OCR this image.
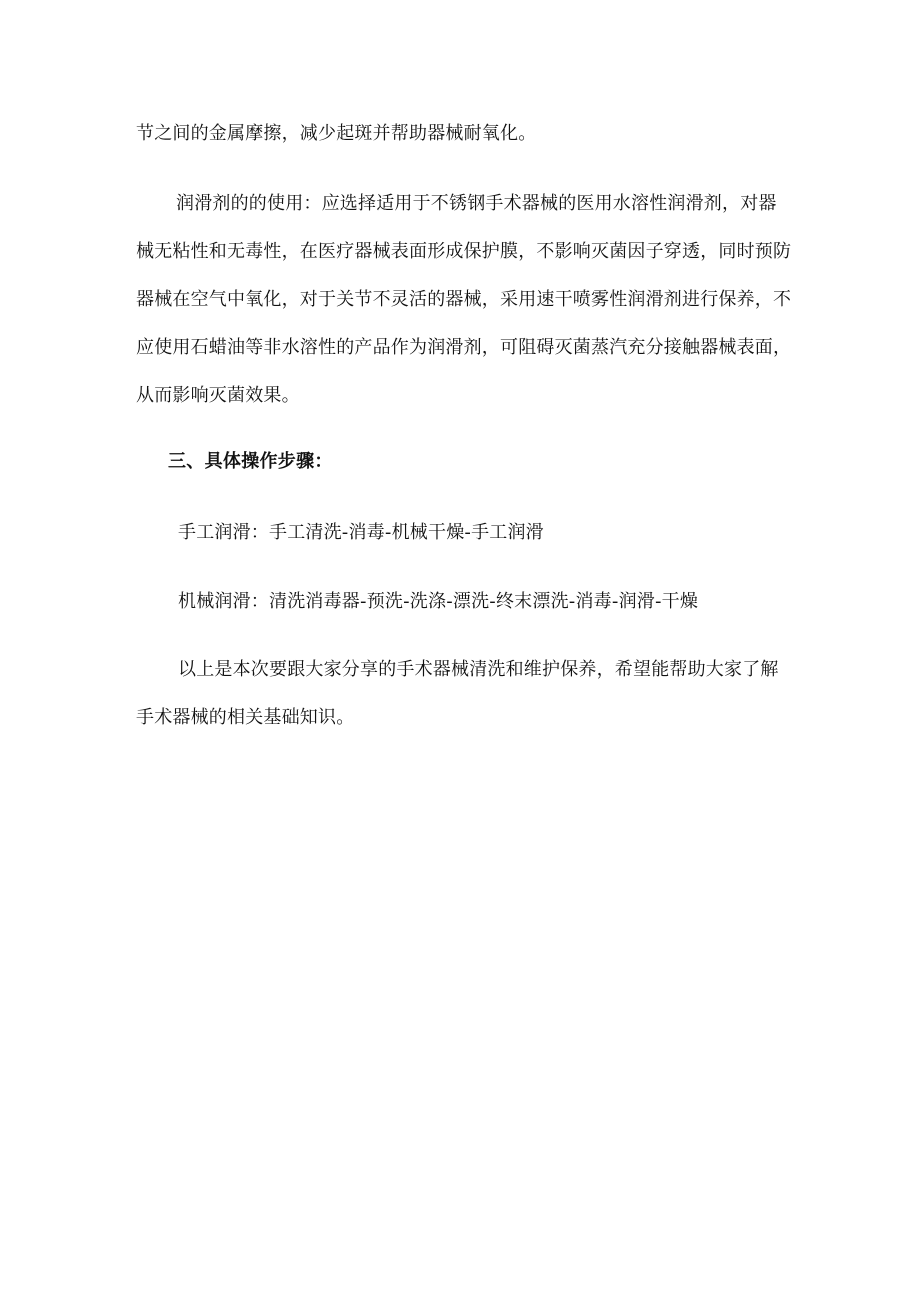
节之间的金属摩擦，减少起斑并帮助器械耐氧化。
润滑剂的的使用：应选择适用于不锈钢手术器械的医用水溶性润滑剂，对器械无粘性和无毒性，在医疗器械表面形成保护膜，不影响灭菌因子穿透，同时预防器械在空气中氧化，对于关节不灵活的器械，采用速干喷雾性润滑剂进行保养，不应使用石蜡油等非水溶性的产品作为润滑剂，可阻碍灭菌蒸汽充分接触器械表面，从而影响灭菌效果。
三、具体操作步骤：
手工润滑：手工清洗-消毒-机械干燥-手工润滑
机械润滑：清洗消毒器-预洗-洗涤-漂洗-终末漂洗-消毒-润滑-干燥
以上是本次要跟大家分享的手术器械清洗和维护保养，希望能帮助大家了解手术器械的相关基础知识。
